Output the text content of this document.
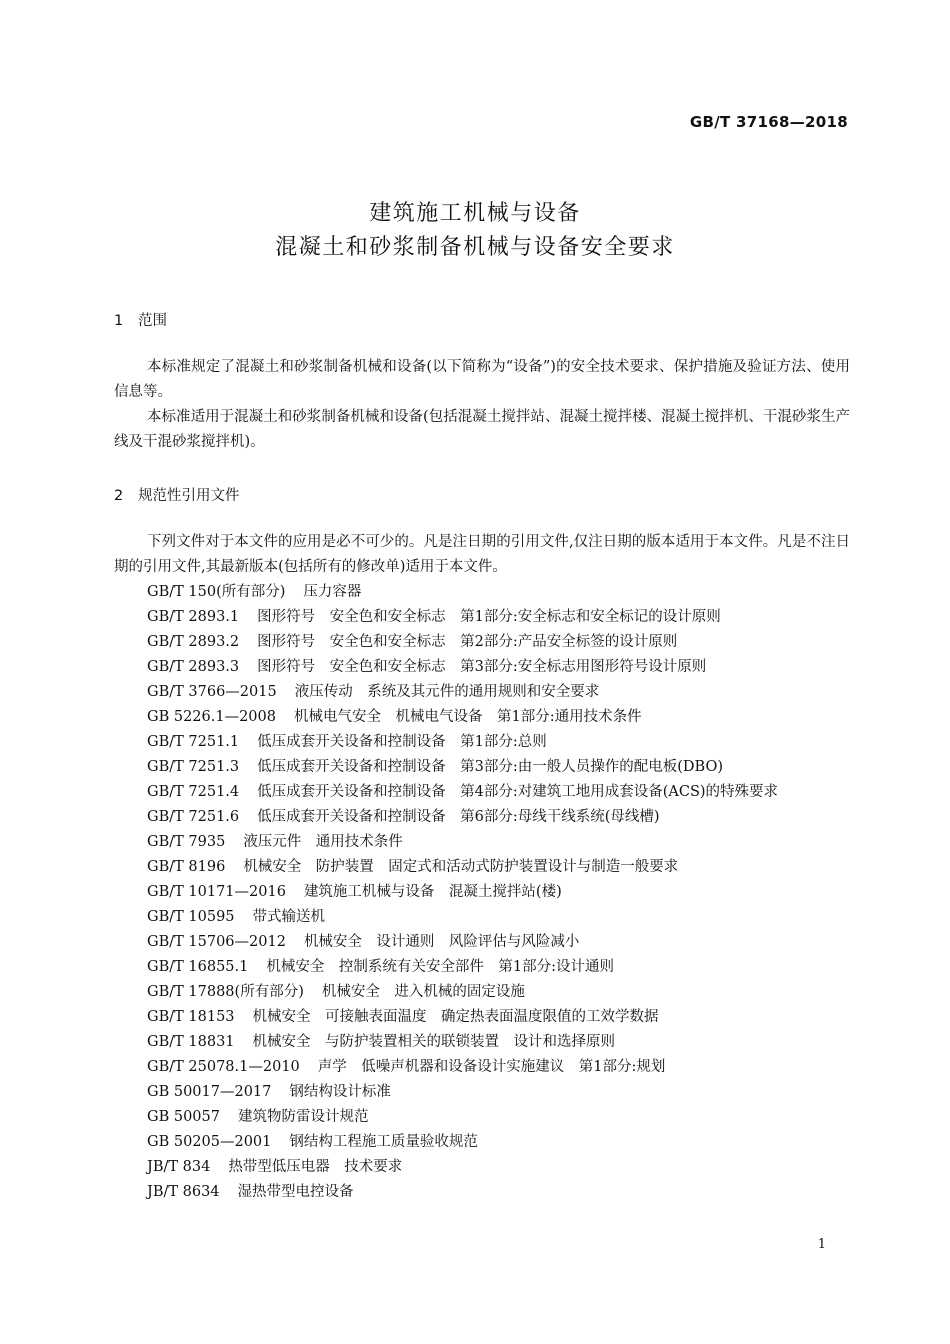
GB/T 37168—2018
建筑施工机械与设备
混凝土和砂浆制备机械与设备安全要求
1 范围
本标准规定了混凝土和砂浆制备机械和设备(以下简称为“设备”)的安全技术要求、保护措施及验证方法、使用信息等。
本标准适用于混凝土和砂浆制备机械和设备(包括混凝土搅拌站、混凝土搅拌楼、混凝土搅拌机、干混砂浆生产线及干混砂浆搅拌机)。
2 规范性引用文件
下列文件对于本文件的应用是必不可少的。凡是注日期的引用文件,仅注日期的版本适用于本文件。凡是不注日期的引用文件,其最新版本(包括所有的修改单)适用于本文件。
GB/T 150(所有部分) 压力容器
GB/T 2893.1 图形符号　安全色和安全标志　第1部分:安全标志和安全标记的设计原则
GB/T 2893.2 图形符号　安全色和安全标志　第2部分:产品安全标签的设计原则
GB/T 2893.3 图形符号　安全色和安全标志　第3部分:安全标志用图形符号设计原则
GB/T 3766—2015 液压传动　系统及其元件的通用规则和安全要求
GB 5226.1—2008 机械电气安全　机械电气设备　第1部分:通用技术条件
GB/T 7251.1 低压成套开关设备和控制设备　第1部分:总则
GB/T 7251.3 低压成套开关设备和控制设备　第3部分:由一般人员操作的配电板(DBO)
GB/T 7251.4 低压成套开关设备和控制设备　第4部分:对建筑工地用成套设备(ACS)的特殊要求
GB/T 7251.6 低压成套开关设备和控制设备　第6部分:母线干线系统(母线槽)
GB/T 7935 液压元件　通用技术条件
GB/T 8196 机械安全　防护装置　固定式和活动式防护装置设计与制造一般要求
GB/T 10171—2016 建筑施工机械与设备　混凝土搅拌站(楼)
GB/T 10595 带式输送机
GB/T 15706—2012 机械安全　设计通则　风险评估与风险减小
GB/T 16855.1 机械安全　控制系统有关安全部件　第1部分:设计通则
GB/T 17888(所有部分) 机械安全　进入机械的固定设施
GB/T 18153 机械安全　可接触表面温度　确定热表面温度限值的工效学数据
GB/T 18831 机械安全　与防护装置相关的联锁装置　设计和选择原则
GB/T 25078.1—2010 声学　低噪声机器和设备设计实施建议　第1部分:规划
GB 50017—2017 钢结构设计标准
GB 50057 建筑物防雷设计规范
GB 50205—2001 钢结构工程施工质量验收规范
JB/T 834 热带型低压电器　技术要求
JB/T 8634 湿热带型电控设备
1
